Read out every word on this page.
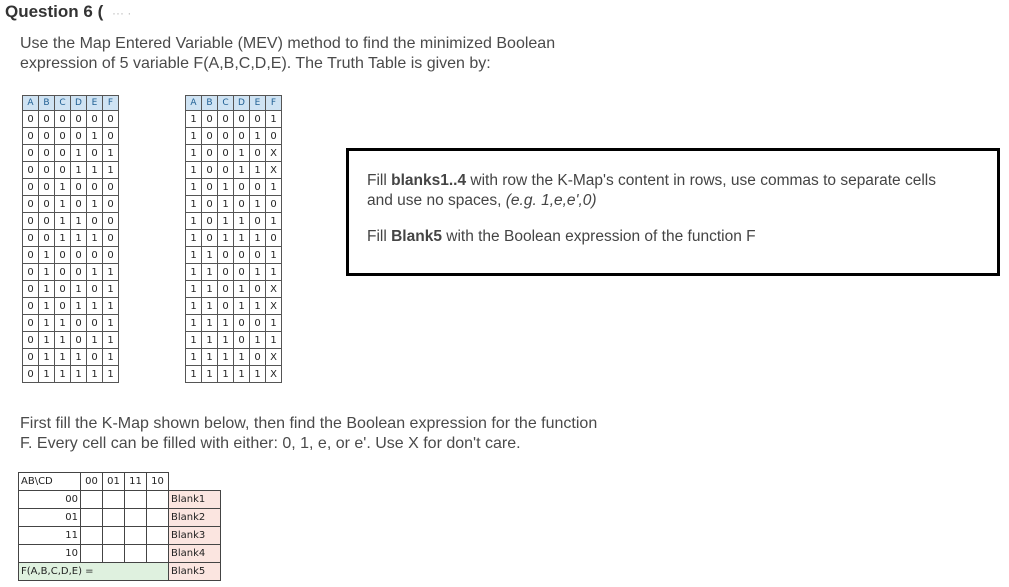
Question 6 ( ··· ·

Use the Map Entered Variable (MEV) method to find the minimized Boolean

expression of 5 variable F(A,B,C,D,E). The Truth Table is given by:

A	B	C	D	E	F
0	0	0	0	0	0
0	0	0	0	1	0
0	0	0	1	0	1
0	0	0	1	1	1
0	0	1	0	0	0
0	0	1	0	1	0
0	0	1	1	0	0
0	0	1	1	1	0
0	1	0	0	0	0
0	1	0	0	1	1
0	1	0	1	0	1
0	1	0	1	1	1
0	1	1	0	0	1
0	1	1	0	1	1
0	1	1	1	0	1
0	1	1	1	1	1
A	B	C	D	E	F
1	0	0	0	0	1
1	0	0	0	1	0
1	0	0	1	0	X
1	0	0	1	1	X
1	0	1	0	0	1
1	0	1	0	1	0
1	0	1	1	0	1
1	0	1	1	1	0
1	1	0	0	0	1
1	1	0	0	1	1
1	1	0	1	0	X
1	1	0	1	1	X
1	1	1	0	0	1
1	1	1	0	1	1
1	1	1	1	0	X
1	1	1	1	1	X

Fill blanks1..4 with row the K-Map's content in rows, use commas to separate cells
and use no spaces, (e.g. 1,e,e',0)

Fill Blank5 with the Boolean expression of the function F

First fill the K-Map shown below, then find the Boolean expression for the function

F. Every cell can be filled with either: 0, 1, e, or e'. Use X for don't care.

AB\CD	00	01	11	10	
00					Blank1
01					Blank2
11					Blank3
10					Blank4
F(A,B,C,D,E) =					Blank5
